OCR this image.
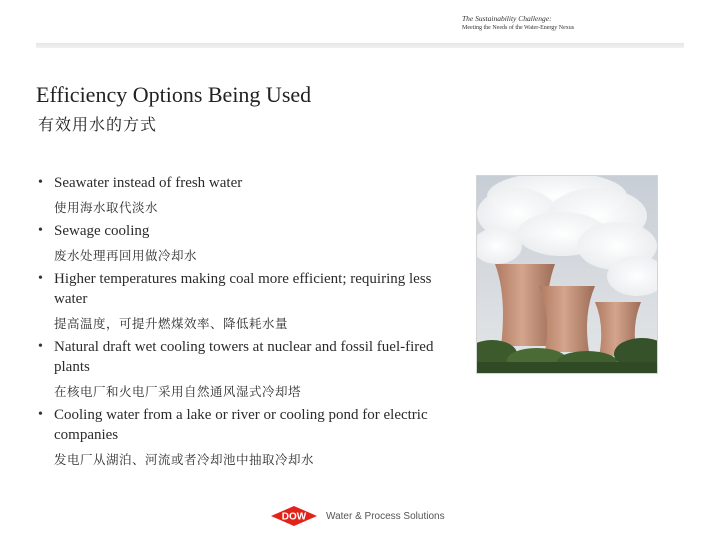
The Sustainability Challenge:
Meeting the Needs of the Water-Energy Nexus
Efficiency Options Being Used
有效用水的方式
• Seawater instead of fresh water
使用海水取代淡水
• Sewage cooling
废水处理再回用做冷却水
• Higher temperatures making coal more efficient; requiring less water
提高温度，可提升燃煤效率、降低耗水量
• Natural draft wet cooling towers at nuclear and fossil fuel-fired plants
在核电厂和火电厂采用自然通风湿式冷却塔
• Cooling water from a lake or river or cooling pond for electric companies
发电厂从湖泊、河流或者冷却池中抽取冷却水
DOW Water & Process Solutions
